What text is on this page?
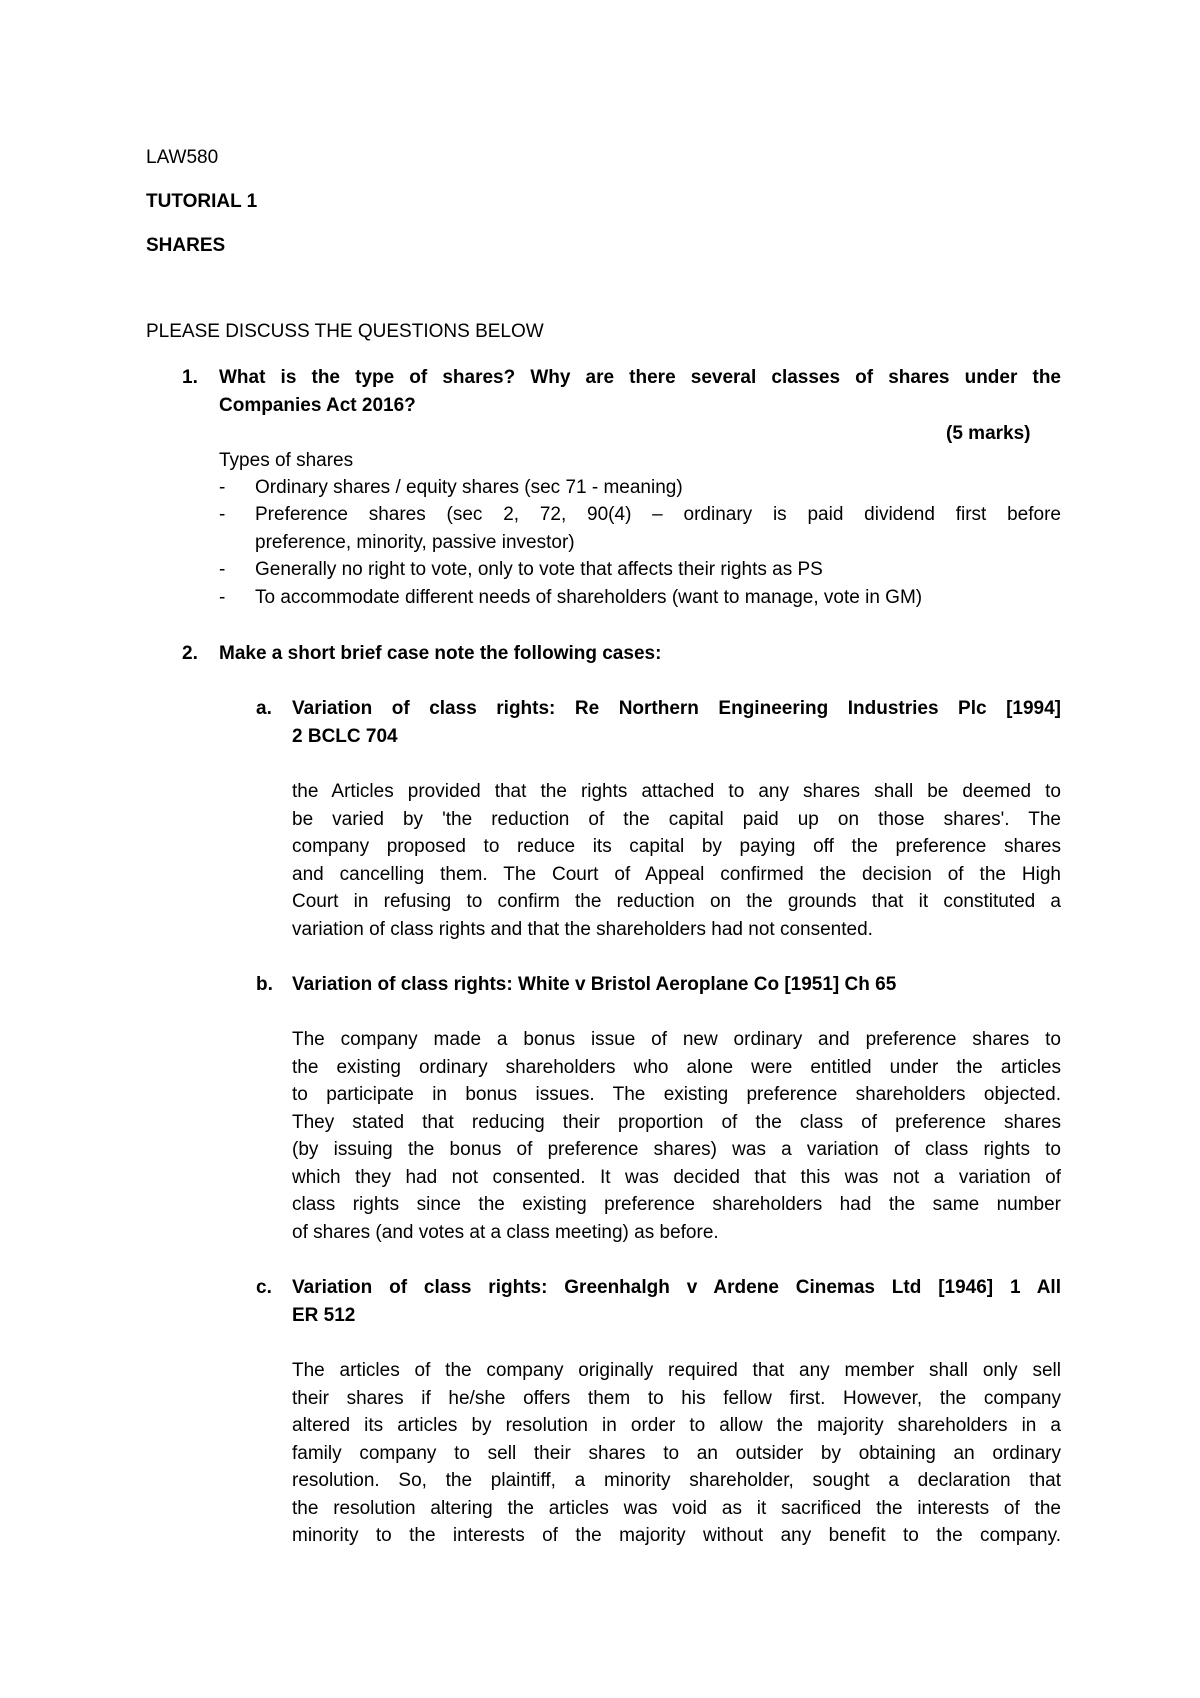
LAW580
TUTORIAL 1
SHARES
PLEASE DISCUSS THE QUESTIONS BELOW
1. What is the type of shares? Why are there several classes of shares under the
Companies Act 2016?
(5 marks)
Types of shares
- Ordinary shares / equity shares (sec 71 - meaning)
- Preference shares (sec 2, 72, 90(4) – ordinary is paid dividend first before
preference, minority, passive investor)
- Generally no right to vote, only to vote that affects their rights as PS
- To accommodate different needs of shareholders (want to manage, vote in GM)
2. Make a short brief case note the following cases:
a. Variation of class rights: Re Northern Engineering Industries Plc [1994]
2 BCLC 704
the Articles provided that the rights attached to any shares shall be deemed to
be varied by 'the reduction of the capital paid up on those shares'. The
company proposed to reduce its capital by paying off the preference shares
and cancelling them. The Court of Appeal confirmed the decision of the High
Court in refusing to confirm the reduction on the grounds that it constituted a
variation of class rights and that the shareholders had not consented.
b. Variation of class rights: White v Bristol Aeroplane Co [1951] Ch 65
The company made a bonus issue of new ordinary and preference shares to
the existing ordinary shareholders who alone were entitled under the articles
to participate in bonus issues. The existing preference shareholders objected.
They stated that reducing their proportion of the class of preference shares
(by issuing the bonus of preference shares) was a variation of class rights to
which they had not consented. It was decided that this was not a variation of
class rights since the existing preference shareholders had the same number
of shares (and votes at a class meeting) as before.
c. Variation of class rights: Greenhalgh v Ardene Cinemas Ltd [1946] 1 All
ER 512
The articles of the company originally required that any member shall only sell
their shares if he/she offers them to his fellow first. However, the company
altered its articles by resolution in order to allow the majority shareholders in a
family company to sell their shares to an outsider by obtaining an ordinary
resolution. So, the plaintiff, a minority shareholder, sought a declaration that
the resolution altering the articles was void as it sacrificed the interests of the
minority to the interests of the majority without any benefit to the company.
